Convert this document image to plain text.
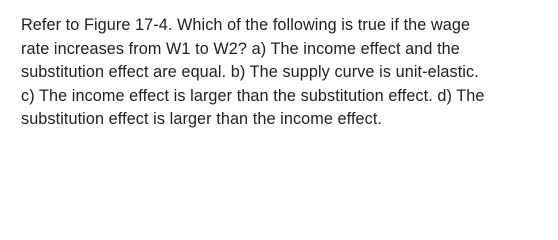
Refer to Figure 17-4. Which of the following is true if the wage
rate increases from W1 to W2? a) The income effect and the
substitution effect are equal. b) The supply curve is unit-elastic.
c) The income effect is larger than the substitution effect. d) The
substitution effect is larger than the income effect.
